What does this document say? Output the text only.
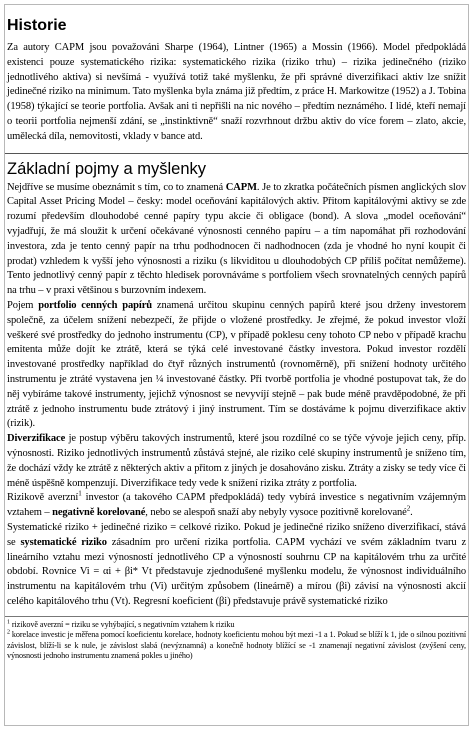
Historie

Za autory CAPM jsou považováni Sharpe (1964), Lintner (1965) a Mossin (1966). Model předpokládá existenci pouze systematického rizika: systematického rizika (riziko trhu) – rizika jedinečného (riziko jednotlivého aktiva) si nevšímá - využívá totiž také myšlenku, že při správné diverzifikaci aktiv lze snížit jedinečné riziko na minimum. Tato myšlenka byla známa již předtím, z práce H. Markowitze (1952) a J. Tobina (1958) týkající se teorie portfolia. Avšak ani ti nepřišli na nic nového – předtím neznámého. I lidé, kteří nemají o teorii portfolia nejmenší zdání, se „instinktivně“ snaží rozvrhnout držbu aktiv do více forem – zlato, akcie, umělecká díla, nemovitosti, vklady v bance atd.

Základní pojmy a myšlenky

Nejdříve se musíme obeznámit s tím, co to znamená CAPM. Je to zkratka počátečních písmen anglických slov Capital Asset Pricing Model – česky: model oceňování kapitálových aktiv. Přitom kapitálovými aktivy se zde rozumí především dlouhodobé cenné papíry typu akcie či obligace (bond). A slova „model oceňování“ vyjadřují, že má sloužit k určení očekávané výnosnosti cenného papíru – a tím napomáhat při rozhodování investora, zda je tento cenný papír na trhu podhodnocen či nadhodnocen (zda je vhodné ho nyní koupit či prodat) vzhledem k vyšší jeho výnosnosti a riziku (s likviditou u dlouhodobých CP příliš počítat nemůžeme). Tento jednotlivý cenný papír z těchto hledisek porovnáváme s portfoliem všech srovnatelných cenných papírů na trhu – v praxi většinou s burzovním indexem.

Pojem portfolio cenných papírů znamená určitou skupinu cenných papírů které jsou drženy investorem společně, za účelem snížení nebezpečí, že přijde o vložené prostředky. Je zřejmé, že pokud investor vloží veškeré své prostředky do jednoho instrumentu (CP), v případě poklesu ceny tohoto CP nebo v případě krachu emitenta může dojít ke ztrátě, která se týká celé investované částky investora. Pokud investor rozdělí investované prostředky například do čtyř různých instrumentů (rovnoměrně), při snížení hodnoty určitého instrumentu je ztráté vystavena jen ¼ investované částky. Při tvorbě portfolia je vhodné postupovat tak, že do něj vybíráme takové instrumenty, jejichž výnosnost se nevyvíjí stejně – pak bude méně pravděpodobné, že při ztrátě z jednoho instrumentu bude ztrátový i jiný instrument. Tím se dostáváme k pojmu diverzifikace aktiv (rizik).

Diverzifikace je postup výběru takových instrumentů, které jsou rozdílné co se týče vývoje jejich ceny, příp. výnosnosti. Riziko jednotlivých instrumentů zůstává stejné, ale riziko celé skupiny instrumentů je sníženo tím, že dochází vždy ke ztrátě z některých aktiv a přitom z jiných je dosahováno zisku. Ztráty a zisky se tedy více či méně úspěšně kompenzují. Diverzifikace tedy vede k snížení rizika ztráty z portfolia.

Rizikově averzní$^1$ investor (a takového CAPM předpokládá) tedy vybírá investice s negativním vzájemným vztahem – negativně korelované, nebo se alespoň snaží aby nebyly vysoce pozitivně korelované$^2$.

Systematické riziko + jedinečné riziko = celkové riziko. Pokud je jedinečné riziko sníženo diverzifikací, stává se systematické riziko zásadním pro určení rizika portfolia. CAPM vychází ve svém základním tvaru z lineárního vztahu mezi výnosností jednotlivého CP a výnosností souhrnu CP na kapitálovém trhu za určité období. Rovnice Vi = αi + βi* Vt představuje zjednodušené myšlenku modelu, že výnosnost individuálního instrumentu na kapitálovém trhu (Vi) určitým způsobem (lineárně) a mírou (βi) závisí na výnosnosti akcií celého kapitálového trhu (Vt). Regresní koeficient (βi) představuje právě systematické riziko

$^1$ rizikově averzní = riziku se vyhýbající, s negativním vztahem k riziku

$^2$ korelace investic je měřena pomocí koeficientu korelace, hodnoty koeficientu mohou být mezi -1 a 1. Pokud se blíží k 1, jde o silnou pozitivní závislost, blíží-li se k nule, je závislost slabá (nevýznamná) a konečně hodnoty blížící se -1 znamenají negativní závislost (zvýšení ceny, výnosnosti jednoho instrumentu znamená pokles u jiného)
